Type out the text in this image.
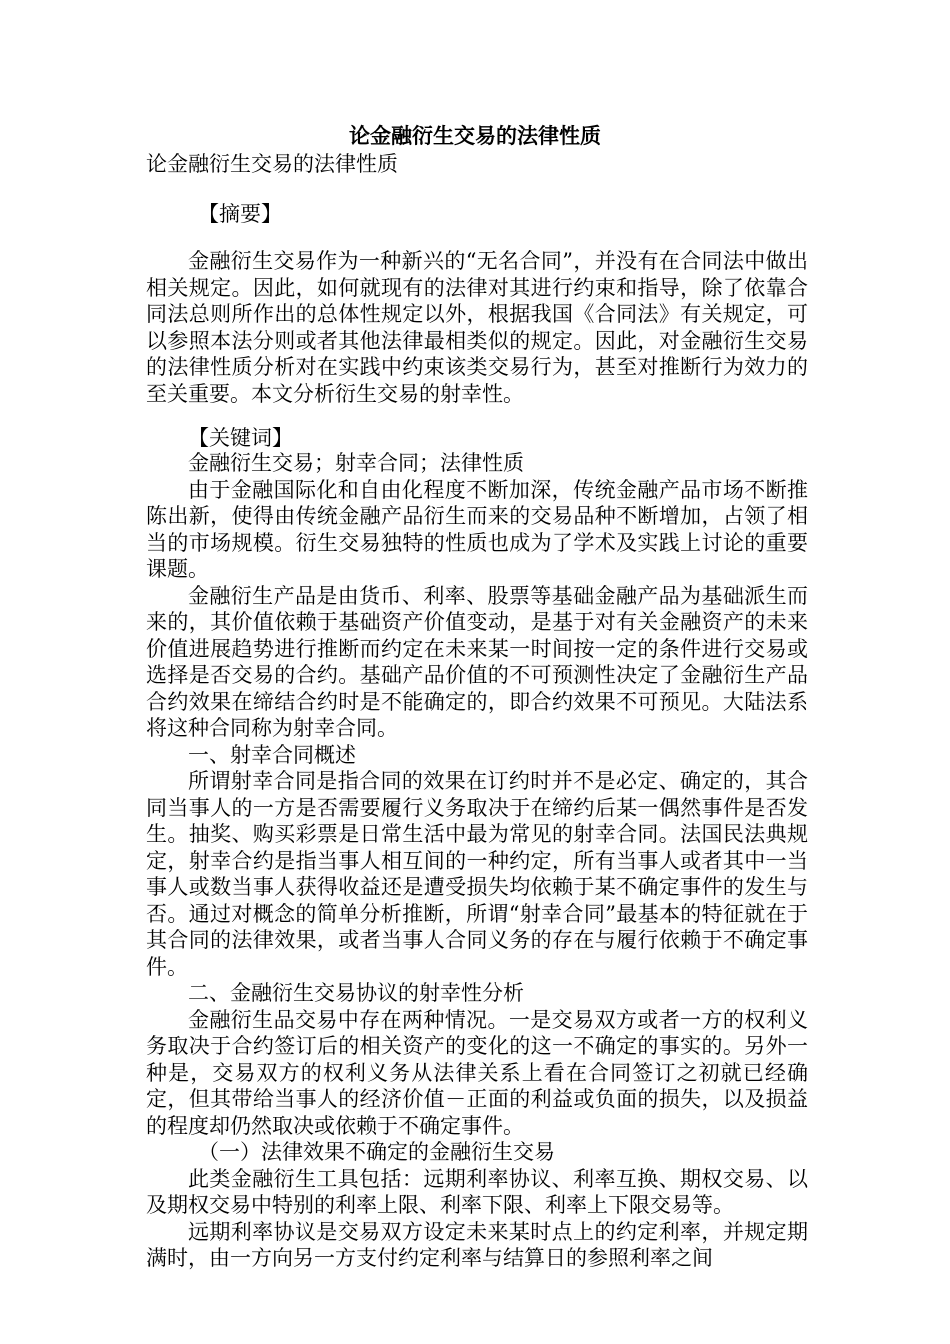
论金融衍生交易的法律性质
论金融衍生交易的法律性质
【摘要】

金融衍生交易作为一种新兴的“无名合同”，并没有在合同法中做出相关规定。因此，如何就现有的法律对其进行约束和指导，除了依靠合同法总则所作出的总体性规定以外，根据我国《合同法》有关规定，可以参照本法分则或者其他法律最相类似的规定。因此，对金融衍生交易的法律性质分析对在实践中约束该类交易行为，甚至对推断行为效力的至关重要。本文分析衍生交易的射幸性。

【关键词】

金融衍生交易；射幸合同；法律性质

由于金融国际化和自由化程度不断加深，传统金融产品市场不断推陈出新，使得由传统金融产品衍生而来的交易品种不断增加，占领了相当的市场规模。衍生交易独特的性质也成为了学术及实践上讨论的重要课题。

金融衍生产品是由货币、利率、股票等基础金融产品为基础派生而来的，其价值依赖于基础资产价值变动，是基于对有关金融资产的未来价值进展趋势进行推断而约定在未来某一时间按一定的条件进行交易或选择是否交易的合约。基础产品价值的不可预测性决定了金融衍生产品合约效果在缔结合约时是不能确定的，即合约效果不可预见。大陆法系将这种合同称为射幸合同。

一、射幸合同概述

所谓射幸合同是指合同的效果在订约时并不是必定、确定的，其合同当事人的一方是否需要履行义务取决于在缔约后某一偶然事件是否发生。抽奖、购买彩票是日常生活中最为常见的射幸合同。法国民法典规定，射幸合约是指当事人相互间的一种约定，所有当事人或者其中一当事人或数当事人获得收益还是遭受损失均依赖于某不确定事件的发生与否。通过对概念的简单分析推断，所谓“射幸合同”最基本的特征就在于其合同的法律效果，或者当事人合同义务的存在与履行依赖于不确定事件。

二、金融衍生交易协议的射幸性分析

金融衍生品交易中存在两种情况。一是交易双方或者一方的权利义务取决于合约签订后的相关资产的变化的这一不确定的事实的。另外一种是，交易双方的权利义务从法律关系上看在合同签订之初就已经确定，但其带给当事人的经济价值－正面的利益或负面的损失，以及损益的程度却仍然取决或依赖于不确定事件。

（一）法律效果不确定的金融衍生交易

此类金融衍生工具包括：远期利率协议、利率互换、期权交易、以及期权交易中特别的利率上限、利率下限、利率上下限交易等。

远期利率协议是交易双方设定未来某时点上的约定利率，并规定期满时，由一方向另一方支付约定利率与结算日的参照利率之间
